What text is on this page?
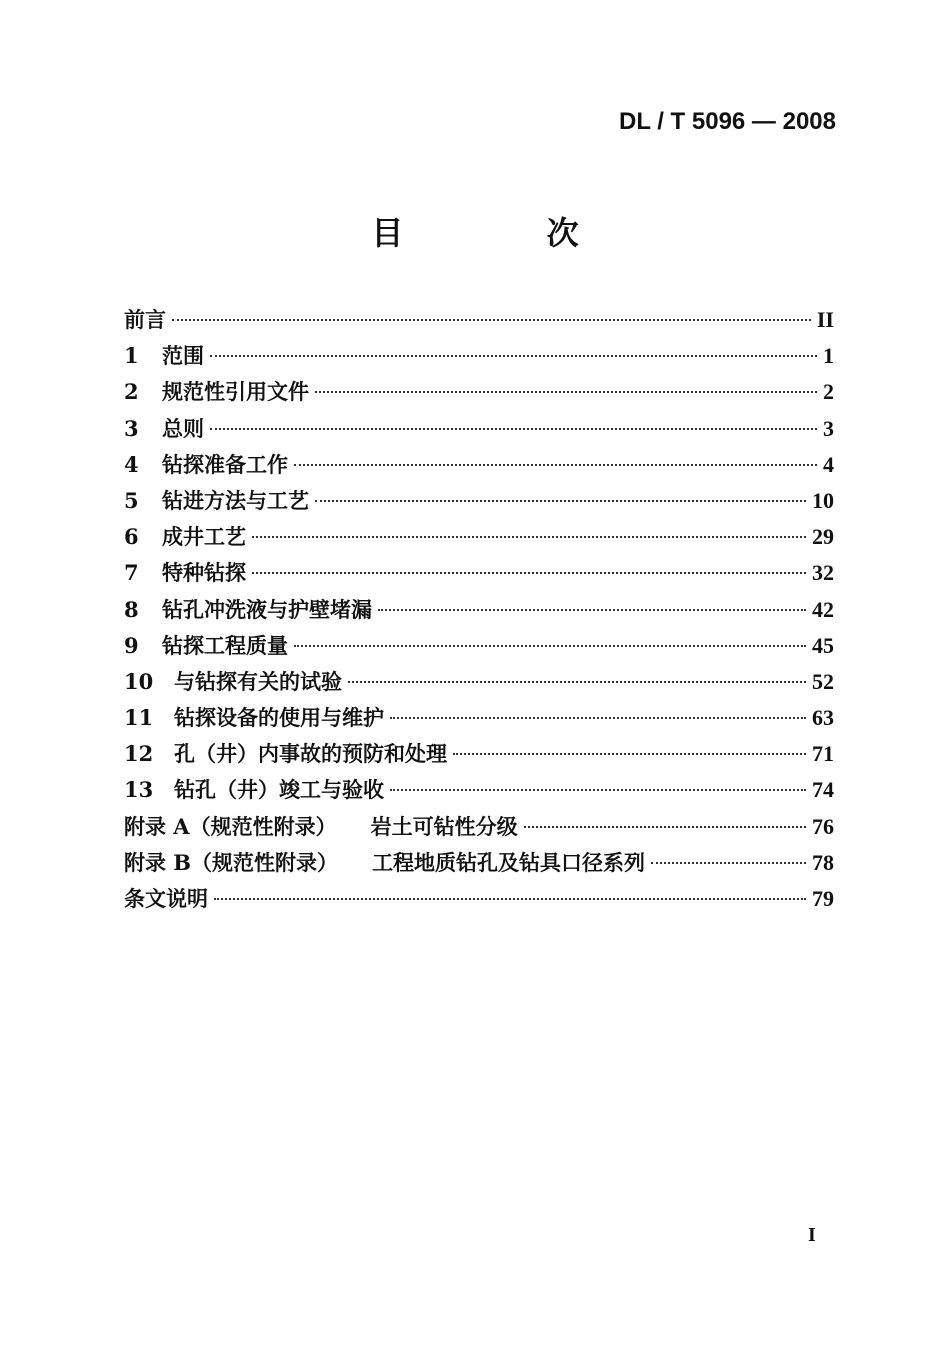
DL / T 5096 — 2008
目 次
前言	II
1	范围	1
2	规范性引用文件	2
3	总则	3
4	钻探准备工作	4
5	钻进方法与工艺	10
6	成井工艺	29
7	特种钻探	32
8	钻孔冲洗液与护壁堵漏	42
9	钻探工程质量	45
10 与钻探有关的试验	52
11 钻探设备的使用与维护	63
12 孔（井）内事故的预防和处理	71
13 钻孔（井）竣工与验收	74
附录 A（规范性附录） 岩土可钻性分级	76
附录 B（规范性附录） 工程地质钻孔及钻具口径系列	78
条文说明	79
I
